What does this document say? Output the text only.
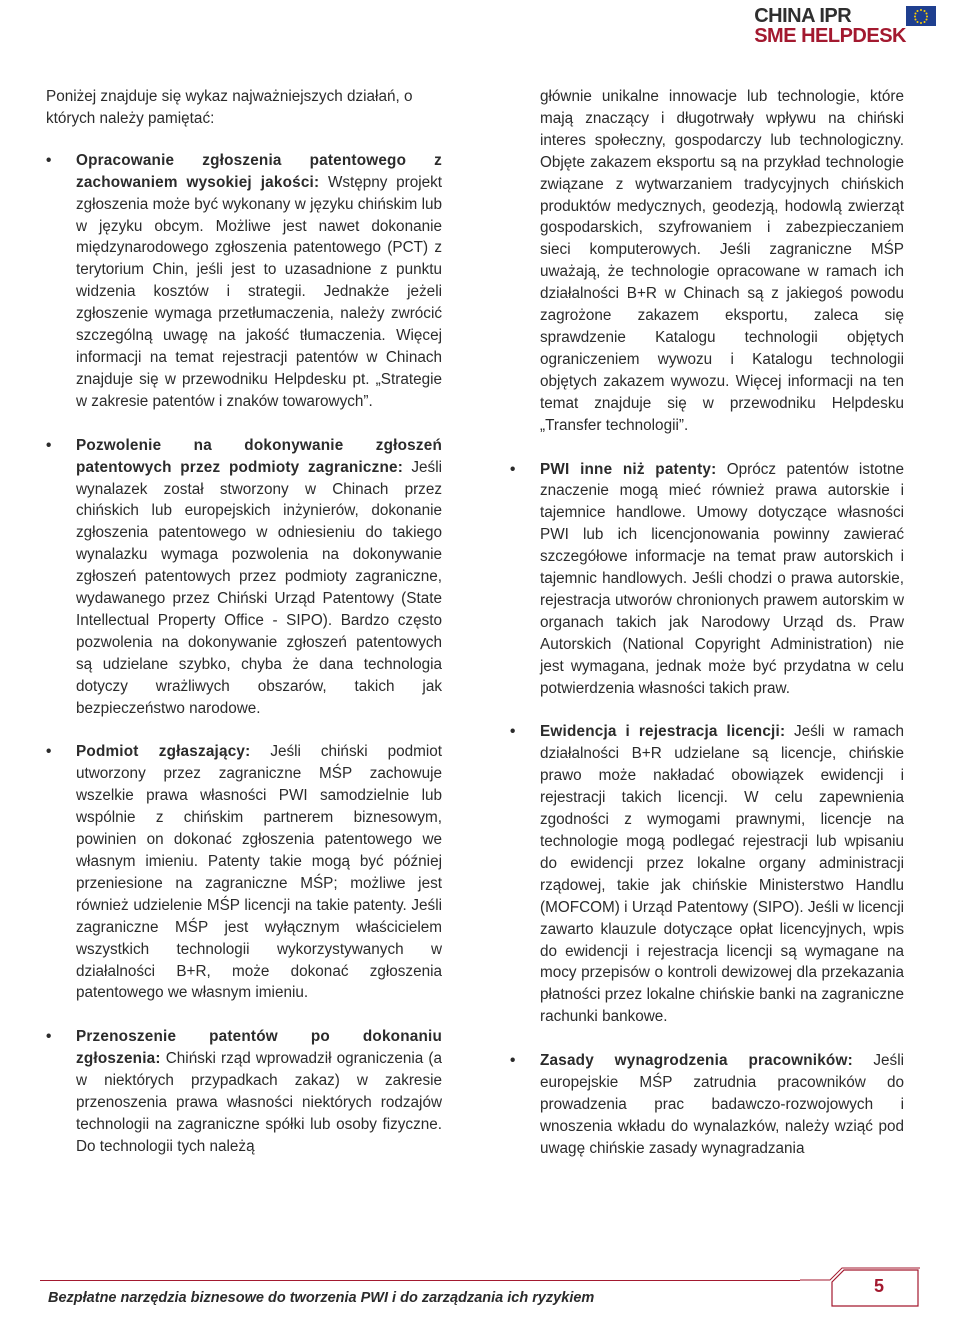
CHINA IPR
SME HELPDESK

Poniżej znajduje się wykaz najważniejszych działań, o których należy pamiętać:

• Opracowanie zgłoszenia patentowego z zachowaniem wysokiej jakości: Wstępny projekt zgłoszenia może być wykonany w języku chińskim lub w języku obcym. Możliwe jest nawet dokonanie międzynarodowego zgłoszenia patentowego (PCT) z terytorium Chin, jeśli jest to uzasadnione z punktu widzenia kosztów i strategii. Jednakże jeżeli zgłoszenie wymaga przetłumaczenia, należy zwrócić szczególną uwagę na jakość tłumaczenia. Więcej informacji na temat rejestracji patentów w Chinach znajduje się w przewodniku Helpdesku pt. „Strategie w zakresie patentów i znaków towarowych”.
• Pozwolenie na dokonywanie zgłoszeń patentowych przez podmioty zagraniczne: Jeśli wynalazek został stworzony w Chinach przez chińskich lub europejskich inżynierów, dokonanie zgłoszenia patentowego w odniesieniu do takiego wynalazku wymaga pozwolenia na dokonywanie zgłoszeń patentowych przez podmioty zagraniczne, wydawanego przez Chiński Urząd Patentowy (State Intellectual Property Office - SIPO). Bardzo często pozwolenia na dokonywanie zgłoszeń patentowych są udzielane szybko, chyba że dana technologia dotyczy wrażliwych obszarów, takich jak bezpieczeństwo narodowe.
• Podmiot zgłaszający: Jeśli chiński podmiot utworzony przez zagraniczne MŚP zachowuje wszelkie prawa własności PWI samodzielnie lub wspólnie z chińskim partnerem biznesowym, powinien on dokonać zgłoszenia patentowego we własnym imieniu. Patenty takie mogą być później przeniesione na zagraniczne MŚP; możliwe jest również udzielenie MŚP licencji na takie patenty. Jeśli zagraniczne MŚP jest wyłącznym właścicielem wszystkich technologii wykorzystywanych w działalności B+R, może dokonać zgłoszenia patentowego we własnym imieniu.
• Przenoszenie patentów po dokonaniu zgłoszenia: Chiński rząd wprowadził ograniczenia (a w niektórych przypadkach zakaz) w zakresie przenoszenia prawa własności niektórych rodzajów technologii na zagraniczne spółki lub osoby fizyczne. Do technologii tych należą

głównie unikalne innowacje lub technologie, które mają znaczący i długotrwały wpływu na chiński interes społeczny, gospodarczy lub technologiczny. Objęte zakazem eksportu są na przykład technologie związane z wytwarzaniem tradycyjnych chińskich produktów medycznych, geodezją, hodowlą zwierząt gospodarskich, szyfrowaniem i zabezpieczaniem sieci komputerowych. Jeśli zagraniczne MŚP uważają, że technologie opracowane w ramach ich działalności B+R w Chinach są z jakiegoś powodu zagrożone zakazem eksportu, zaleca się sprawdzenie Katalogu technologii objętych ograniczeniem wywozu i Katalogu technologii objętych zakazem wywozu. Więcej informacji na ten temat znajduje się w przewodniku Helpdesku „Transfer technologii”.

• PWI inne niż patenty: Oprócz patentów istotne znaczenie mogą mieć również prawa autorskie i tajemnice handlowe. Umowy dotyczące własności PWI lub ich licencjonowania powinny zawierać szczegółowe informacje na temat praw autorskich i tajemnic handlowych. Jeśli chodzi o prawa autorskie, rejestracja utworów chronionych prawem autorskim w organach takich jak Narodowy Urząd ds. Praw Autorskich (National Copyright Administration) nie jest wymagana, jednak może być przydatna w celu potwierdzenia własności takich praw.
• Ewidencja i rejestracja licencji: Jeśli w ramach działalności B+R udzielane są licencje, chińskie prawo może nakładać obowiązek ewidencji i rejestracji takich licencji. W celu zapewnienia zgodności z wymogami prawnymi, licencje na technologie mogą podlegać rejestracji lub wpisaniu do ewidencji przez lokalne organy administracji rządowej, takie jak chińskie Ministerstwo Handlu (MOFCOM) i Urząd Patentowy (SIPO). Jeśli w licencji zawarto klauzule dotyczące opłat licencyjnych, wpis do ewidencji i rejestracja licencji są wymagane na mocy przepisów o kontroli dewizowej dla przekazania płatności przez lokalne chińskie banki na zagraniczne rachunki bankowe.
• Zasady wynagrodzenia pracowników: Jeśli europejskie MŚP zatrudnia pracowników do prowadzenia prac badawczo-rozwojowych i wnoszenia wkładu do wynalazków, należy wziąć pod uwagę chińskie zasady wynagradzania
Bezpłatne narzędzia biznesowe do tworzenia PWI i do zarządzania ich ryzykiem
5
